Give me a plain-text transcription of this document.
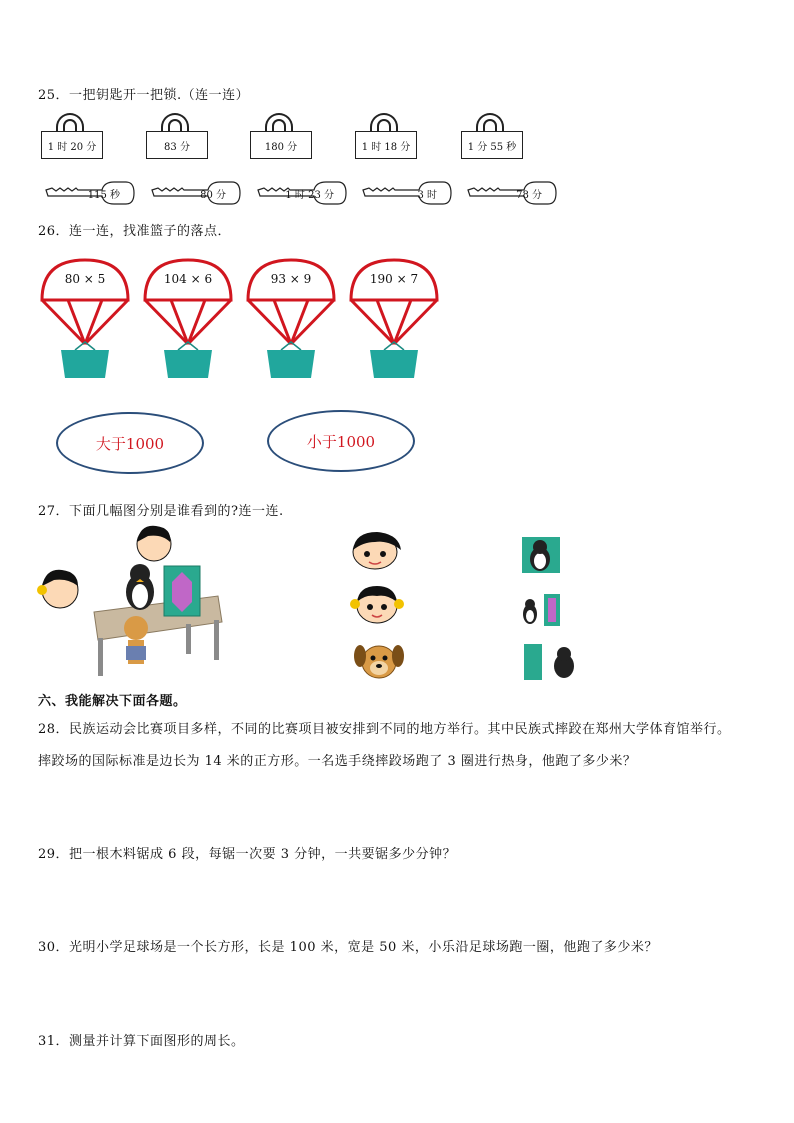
25．一把钥匙开一把锁.（连一连）
1 时 20 分	83 分	180 分	1 时 18 分	1 分 55 秒
115 秒	80 分	1 时 23 分	3 时	78 分
26．连一连，找准篮子的落点．
80 × 5	104 × 6	93 × 9	190 × 7
大于1000	小于1000
27．下面几幅图分别是谁看到的?连一连.
六、我能解决下面各题。
28．民族运动会比赛项目多样，不同的比赛项目被安排到不同的地方举行。其中民族式摔跤在郑州大学体育馆举行。
摔跤场的国际标准是边长为 14 米的正方形。一名选手绕摔跤场跑了 3 圈进行热身，他跑了多少米？
29．把一根木料锯成 6 段，每锯一次要 3 分钟，一共要锯多少分钟？
30．光明小学足球场是一个长方形，长是 100 米，宽是 50 米，小乐沿足球场跑一圈，他跑了多少米？
31．测量并计算下面图形的周长。
